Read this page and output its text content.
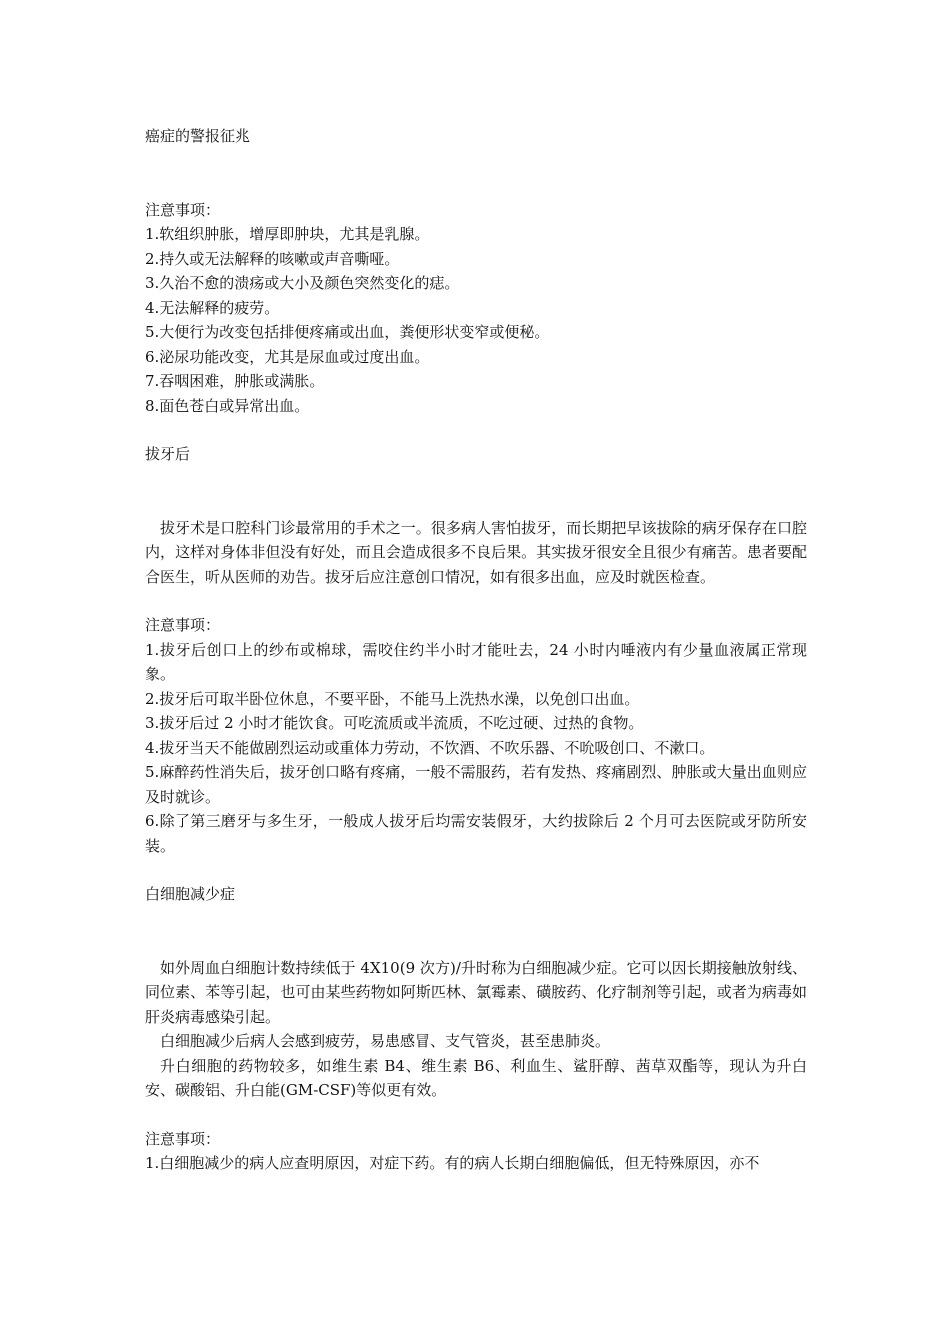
癌症的警报征兆

注意事项：

1.软组织肿胀，增厚即肿块，尤其是乳腺。

2.持久或无法解释的咳嗽或声音嘶哑。

3.久治不愈的溃疡或大小及颜色突然变化的痣。

4.无法解释的疲劳。

5.大便行为改变包括排便疼痛或出血，粪便形状变窄或便秘。

6.泌尿功能改变，尤其是尿血或过度出血。

7.吞咽困难，肿胀或满胀。

8.面色苍白或异常出血。

拔牙后

拔牙术是口腔科门诊最常用的手术之一。很多病人害怕拔牙，而长期把早该拔除的病牙保存在口腔内，这样对身体非但没有好处，而且会造成很多不良后果。其实拔牙很安全且很少有痛苦。患者要配合医生，听从医师的劝告。拔牙后应注意创口情况，如有很多出血，应及时就医检查。

注意事项：

1.拔牙后创口上的纱布或棉球，需咬住约半小时才能吐去，24 小时内唾液内有少量血液属正常现象。

2.拔牙后可取半卧位休息，不要平卧，不能马上洗热水澡，以免创口出血。

3.拔牙后过 2 小时才能饮食。可吃流质或半流质，不吃过硬、过热的食物。

4.拔牙当天不能做剧烈运动或重体力劳动，不饮酒、不吹乐器、不吮吸创口、不漱口。

5.麻醉药性消失后，拔牙创口略有疼痛，一般不需服药，若有发热、疼痛剧烈、肿胀或大量出血则应及时就诊。

6.除了第三磨牙与多生牙，一般成人拔牙后均需安装假牙，大约拔除后 2 个月可去医院或牙防所安装。

白细胞减少症

如外周血白细胞计数持续低于 4X10(9 次方)/升时称为白细胞减少症。它可以因长期接触放射线、同位素、苯等引起，也可由某些药物如阿斯匹林、氯霉素、磺胺药、化疗制剂等引起，或者为病毒如肝炎病毒感染引起。

白细胞减少后病人会感到疲劳，易患感冒、支气管炎，甚至患肺炎。

升白细胞的药物较多，如维生素 B4、维生素 B6、利血生、鲨肝醇、茜草双酯等，现认为升白安、碳酸铝、升白能(GM-CSF)等似更有效。

注意事项：

1.白细胞减少的病人应查明原因，对症下药。有的病人长期白细胞偏低，但无特殊原因，亦不
